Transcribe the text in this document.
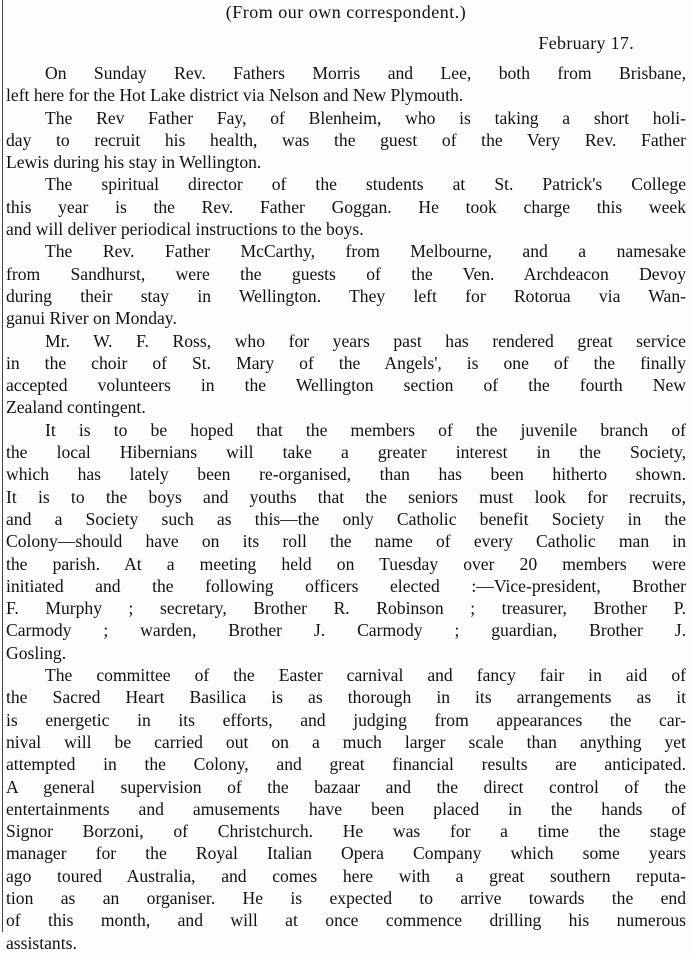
(From our own correspondent.)
February 17.
On Sunday Rev. Fathers Morris and Lee, both from Brisbane,
left here for the Hot Lake district via Nelson and New Plymouth.
The Rev Father Fay, of Blenheim, who is taking a short holi-
day to recruit his health, was the guest of the Very Rev. Father
Lewis during his stay in Wellington.
The spiritual director of the students at St. Patrick's College
this year is the Rev. Father Goggan. He took charge this week
and will deliver periodical instructions to the boys.
The Rev. Father McCarthy, from Melbourne, and a namesake
from Sandhurst, were the guests of the Ven. Archdeacon Devoy
during their stay in Wellington. They left for Rotorua via Wan-
ganui River on Monday.
Mr. W. F. Ross, who for years past has rendered great service
in the choir of St. Mary of the Angels', is one of the finally
accepted volunteers in the Wellington section of the fourth New
Zealand contingent.
It is to be hoped that the members of the juvenile branch of
the local Hibernians will take a greater interest in the Society,
which has lately been re-organised, than has been hitherto shown.
It is to the boys and youths that the seniors must look for recruits,
and a Society such as this—the only Catholic benefit Society in the
Colony—should have on its roll the name of every Catholic man in
the parish. At a meeting held on Tuesday over 20 members were
initiated and the following officers elected :—Vice-president, Brother
F. Murphy ; secretary, Brother R. Robinson ; treasurer, Brother P.
Carmody ; warden, Brother J. Carmody ; guardian, Brother J.
Gosling.
The committee of the Easter carnival and fancy fair in aid of
the Sacred Heart Basilica is as thorough in its arrangements as it
is energetic in its efforts, and judging from appearances the car-
nival will be carried out on a much larger scale than anything yet
attempted in the Colony, and great financial results are anticipated.
A general supervision of the bazaar and the direct control of the
entertainments and amusements have been placed in the hands of
Signor Borzoni, of Christchurch. He was for a time the stage
manager for the Royal Italian Opera Company which some years
ago toured Australia, and comes here with a great southern reputa-
tion as an organiser. He is expected to arrive towards the end
of this month, and will at once commence drilling his numerous
assistants.
